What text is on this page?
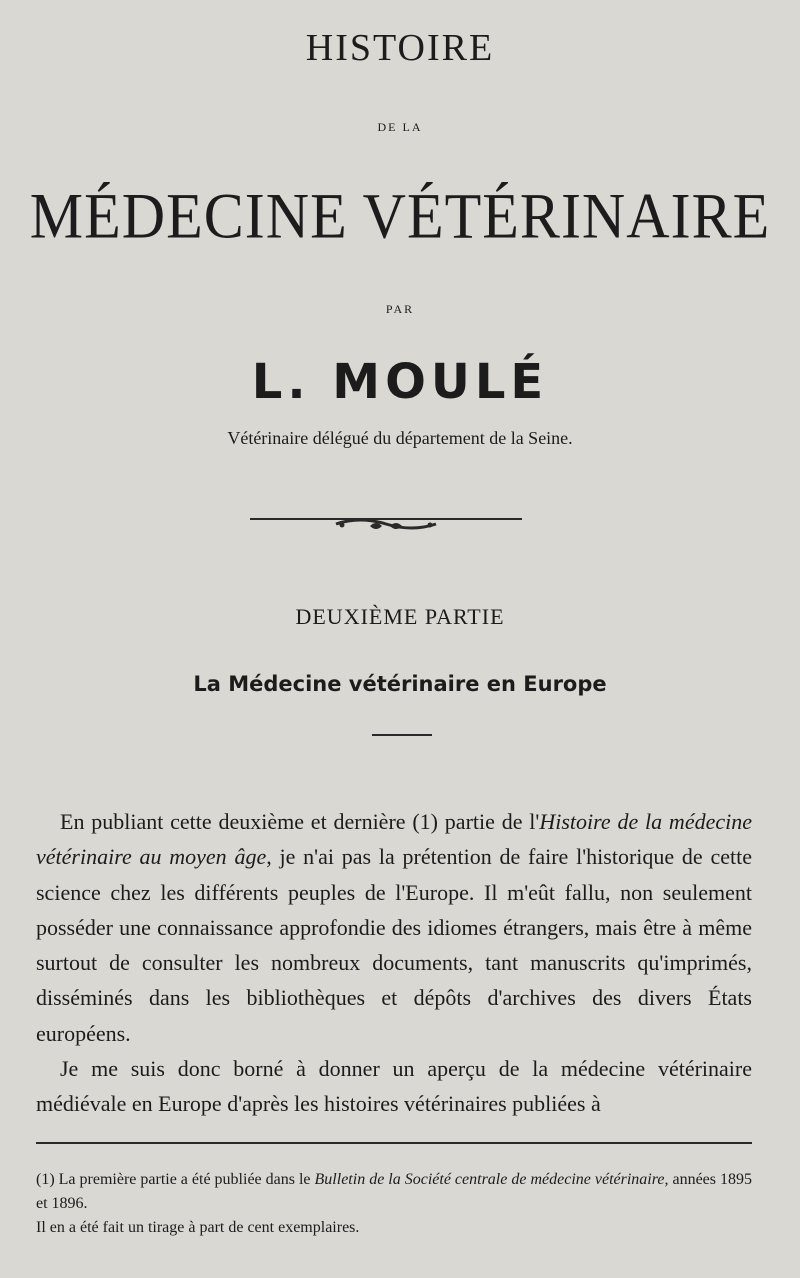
HISTOIRE
DE LA
MÉDECINE VÉTÉRINAIRE
PAR
L. MOULÉ
Vétérinaire délégué du département de la Seine.
DEUXIÈME PARTIE
La Médecine vétérinaire en Europe

En publiant cette deuxième et dernière (1) partie de l'Histoire de la médecine vétérinaire au moyen âge, je n'ai pas la prétention de faire l'historique de cette science chez les différents peuples de l'Europe. Il m'eût fallu, non seulement posséder une connaissance approfondie des idiomes étrangers, mais être à même surtout de consulter les nombreux documents, tant manuscrits qu'imprimés, disséminés dans les bibliothèques et dépôts d'archives des divers États européens.

Je me suis donc borné à donner un aperçu de la médecine vétérinaire médiévale en Europe d'après les histoires vétérinaires publiées à

(1) La première partie a été publiée dans le Bulletin de la Société centrale de médecine vétérinaire, années 1895 et 1896.

Il en a été fait un tirage à part de cent exemplaires.
